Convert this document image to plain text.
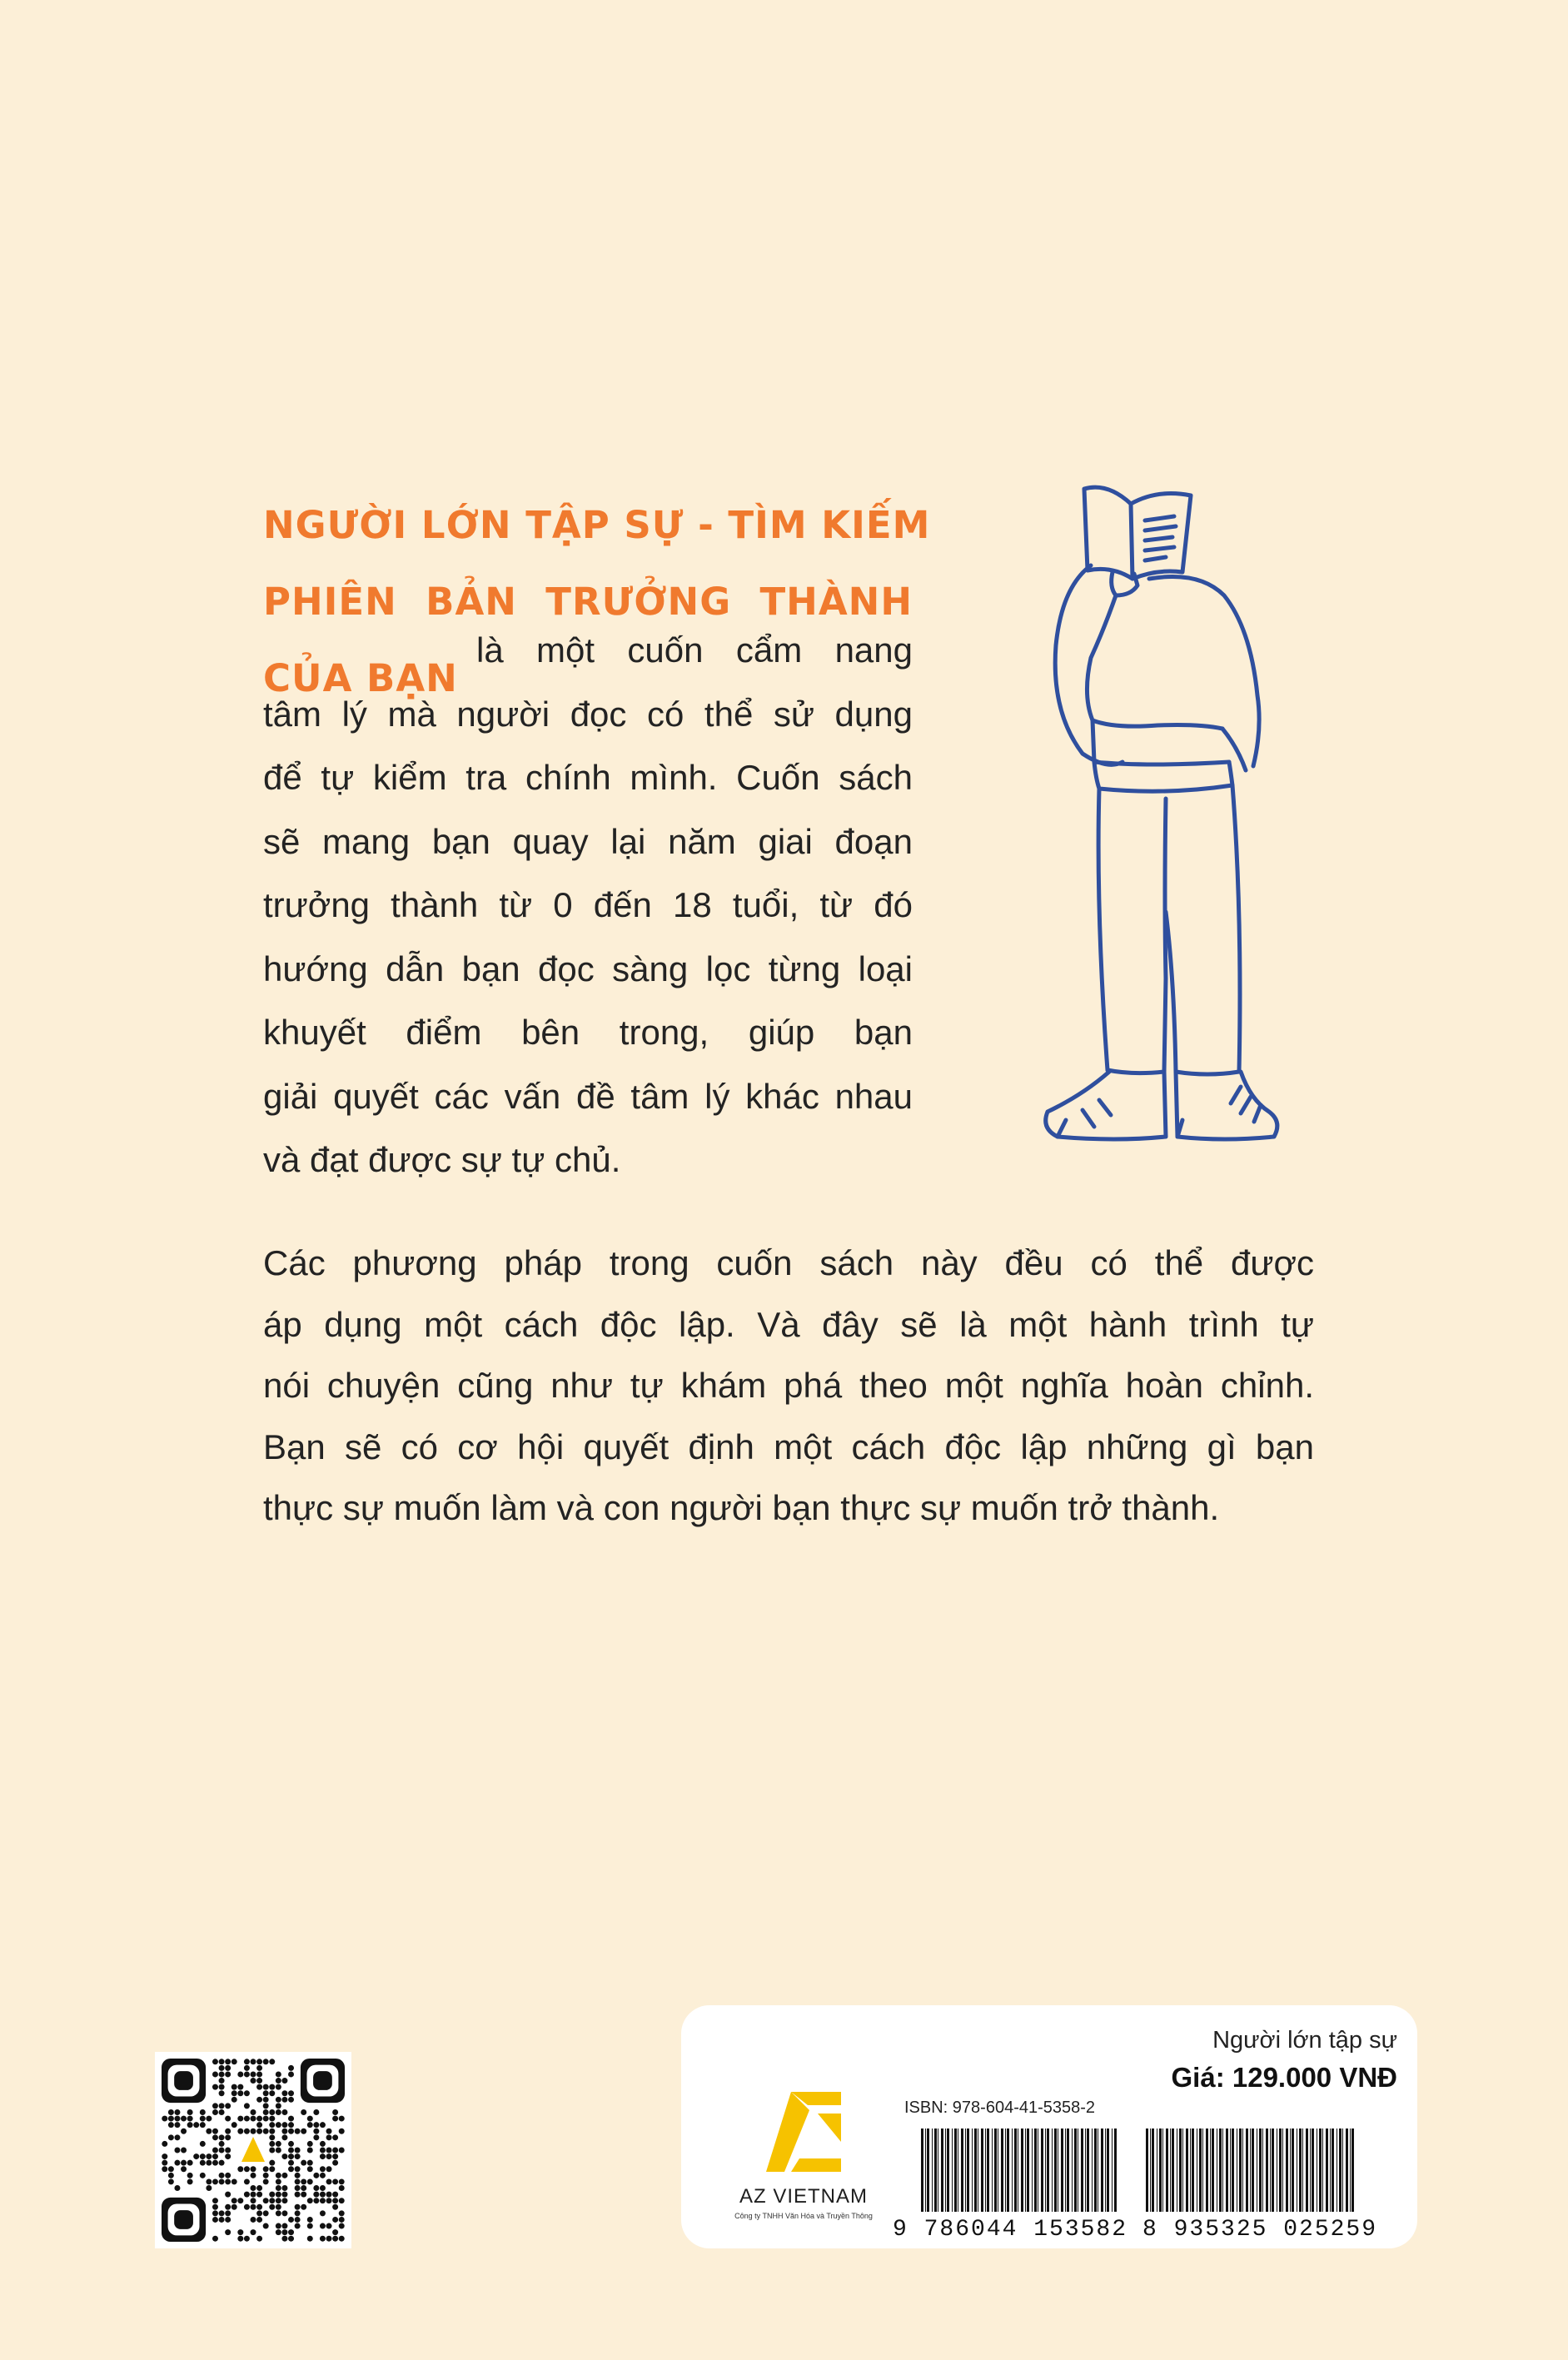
NGƯỜI LỚN TẬP SỰ - TÌM KIẾM
PHIÊN BẢN TRƯỞNG THÀNH
CỦA BẠN
là một cuốn cẩm nang
tâm lý mà người đọc có thể sử dụng
để tự kiểm tra chính mình. Cuốn sách
sẽ mang bạn quay lại năm giai đoạn
trưởng thành từ 0 đến 18 tuổi, từ đó
hướng dẫn bạn đọc sàng lọc từng loại
khuyết điểm bên trong, giúp bạn
giải quyết các vấn đề tâm lý khác nhau
và đạt được sự tự chủ.
Các phương pháp trong cuốn sách này đều có thể được
áp dụng một cách độc lập. Và đây sẽ là một hành trình tự
nói chuyện cũng như tự khám phá theo một nghĩa hoàn chỉnh.
Bạn sẽ có cơ hội quyết định một cách độc lập những gì bạn
thực sự muốn làm và con người bạn thực sự muốn trở thành.
AZ VIETNAM
Công ty TNHH Văn Hóa và Truyền Thông
Người lớn tập sự
Giá: 129.000 VNĐ
ISBN: 978-604-41-5358-2
9 786044 153582 8 935325 025259
